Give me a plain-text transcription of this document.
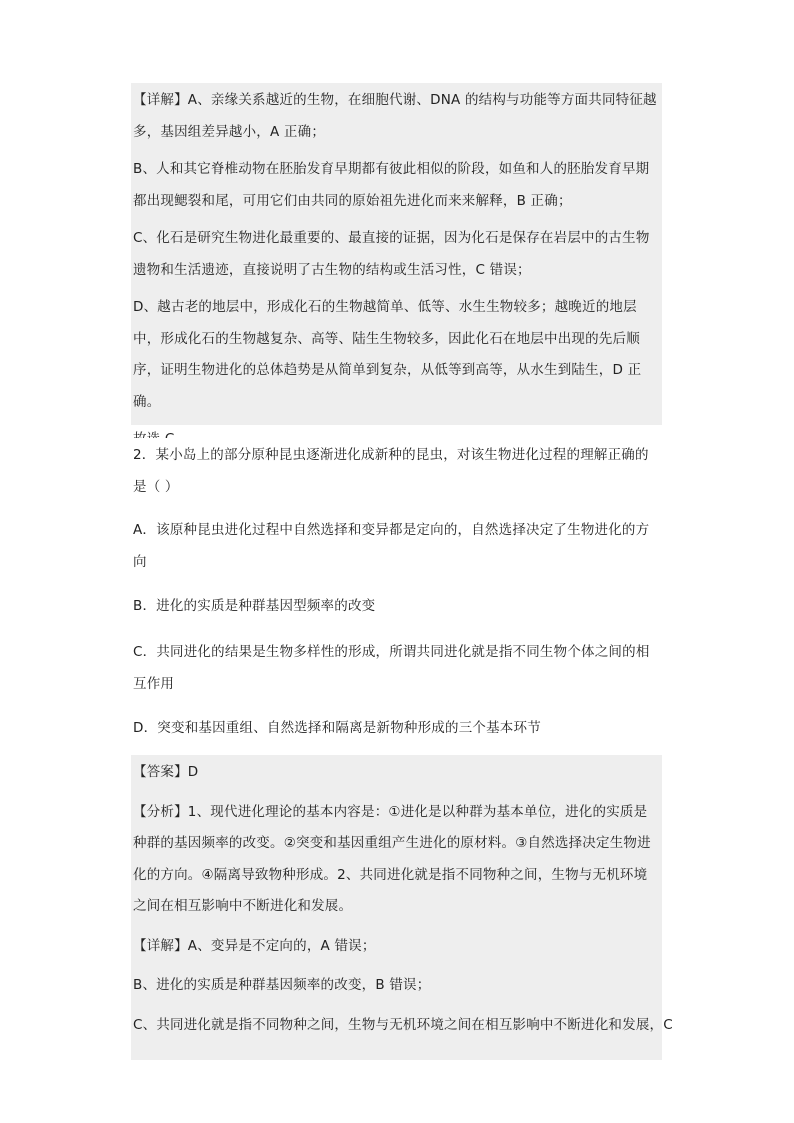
【详解】A、亲缘关系越近的生物，在细胞代谢、DNA 的结构与功能等方面共同特征越多，基因组差异越小，A 正确；

B、人和其它脊椎动物在胚胎发育早期都有彼此相似的阶段，如鱼和人的胚胎发育早期都出现鳃裂和尾，可用它们由共同的原始祖先进化而来来解释，B 正确；

C、化石是研究生物进化最重要的、最直接的证据，因为化石是保存在岩层中的古生物遗物和生活遗迹，直接说明了古生物的结构或生活习性，C 错误；

D、越古老的地层中，形成化石的生物越简单、低等、水生生物较多；越晚近的地层中，形成化石的生物越复杂、高等、陆生生物较多，因此化石在地层中出现的先后顺序，证明生物进化的总体趋势是从简单到复杂，从低等到高等，从水生到陆生，D 正确。

2．某小岛上的部分原种昆虫逐渐进化成新种的昆虫，对该生物进化过程的理解正确的是（ ）

A．该原种昆虫进化过程中自然选择和变异都是定向的，自然选择决定了生物进化的方向

B．进化的实质是种群基因型频率的改变

C．共同进化的结果是生物多样性的形成，所谓共同进化就是指不同生物个体之间的相互作用

D．突变和基因重组、自然选择和隔离是新物种形成的三个基本环节

【答案】D

【分析】1、现代进化理论的基本内容是：①进化是以种群为基本单位，进化的实质是种群的基因频率的改变。②突变和基因重组产生进化的原材料。③自然选择决定生物进化的方向。④隔离导致物种形成。2、共同进化就是指不同物种之间，生物与无机环境之间在相互影响中不断进化和发展。

【详解】A、变异是不定向的，A 错误；

B、进化的实质是种群基因频率的改变，B 错误；

C、共同进化就是指不同物种之间，生物与无机环境之间在相互影响中不断进化和发展，C
